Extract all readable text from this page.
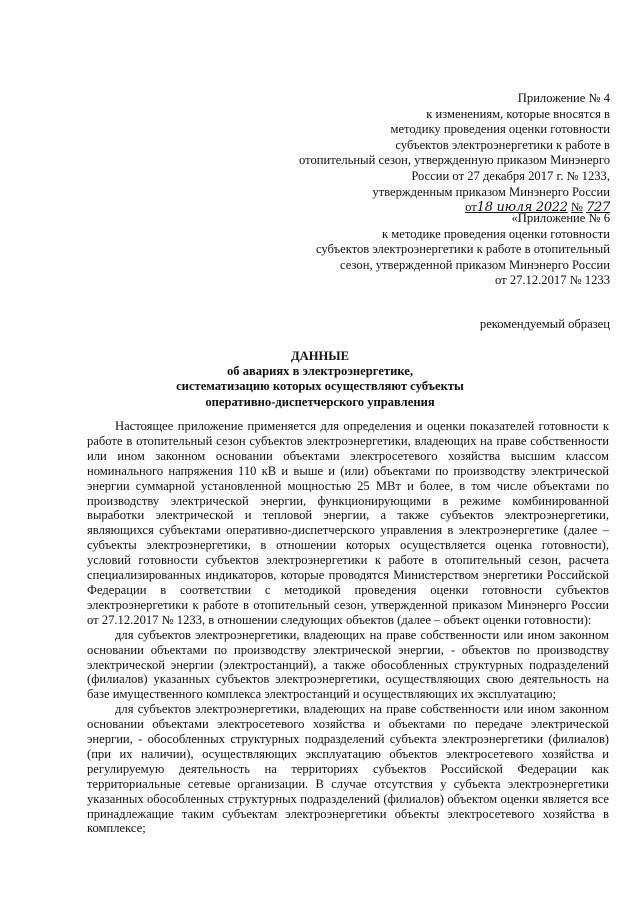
Приложение № 4
к изменениям, которые вносятся в
методику проведения оценки готовности
субъектов электроэнергетики к работе в
отопительный сезон, утвержденную приказом Минэнерго
России от 27 декабря 2017 г. № 1233,
утвержденным приказом Минэнерго России
от18 июля 2022 № 727
«Приложение № 6
к методике проведения оценки готовности
субъектов электроэнергетики к работе в отопительный
сезон, утвержденной приказом Минэнерго России
от 27.12.2017 № 1233
рекомендуемый образец
ДАННЫЕ
об авариях в электроэнергетике,
систематизацию которых осуществляют субъекты
оперативно-диспетчерского управления

Настоящее приложение применяется для определения и оценки показателей готовности к работе в отопительный сезон субъектов электроэнергетики, владеющих на праве собственности или ином законном основании объектами электросетевого хозяйства высшим классом номинального напряжения 110 кВ и выше и (или) объектами по производству электрической энергии суммарной установленной мощностью 25 МВт и более, в том числе объектами по производству электрической энергии, функционирующими в режиме комбинированной выработки электрической и тепловой энергии, а также субъектов электроэнергетики, являющихся субъектами оперативно-диспетчерского управления в электроэнергетике (далее – субъекты электроэнергетики, в отношении которых осуществляется оценка готовности), условий готовности субъектов электроэнергетики к работе в отопительный сезон, расчета специализированных индикаторов, которые проводятся Министерством энергетики Российской Федерации в соответствии с методикой проведения оценки готовности субъектов электроэнергетики к работе в отопительный сезон, утвержденной приказом Минэнерго России от 27.12.2017 № 1233, в отношении следующих объектов (далее – объект оценки готовности):

для субъектов электроэнергетики, владеющих на праве собственности или ином законном основании объектами по производству электрической энергии, - объектов по производству электрической энергии (электростанций), а также обособленных структурных подразделений (филиалов) указанных субъектов электроэнергетики, осуществляющих свою деятельность на базе имущественного комплекса электростанций и осуществляющих их эксплуатацию;

для субъектов электроэнергетики, владеющих на праве собственности или ином законном основании объектами электросетевого хозяйства и объектами по передаче электрической энергии, - обособленных структурных подразделений субъекта электроэнергетики (филиалов) (при их наличии), осуществляющих эксплуатацию объектов электросетевого хозяйства и регулируемую деятельность на территориях субъектов Российской Федерации как территориальные сетевые организации. В случае отсутствия у субъекта электроэнергетики указанных обособленных структурных подразделений (филиалов) объектом оценки является все принадлежащие таким субъектам электроэнергетики объекты электросетевого хозяйства в комплексе;
